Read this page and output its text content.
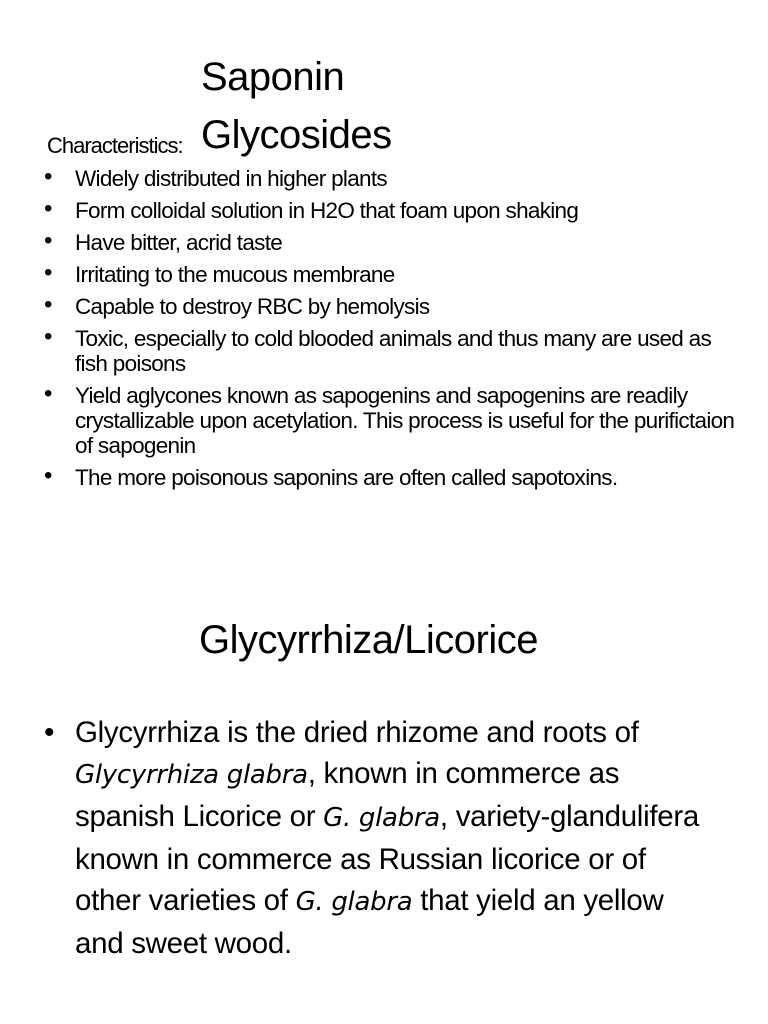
Saponin Glycosides
Characteristics:
• Widely distributed in higher plants
• Form colloidal solution in H2O that foam upon shaking
• Have bitter, acrid taste
• Irritating to the mucous membrane
• Capable to destroy RBC by hemolysis
• Toxic, especially to cold blooded animals and thus many are used as fish poisons
• Yield aglycones known as sapogenins and sapogenins are readily crystallizable upon acetylation. This process is useful for the purifictaion of sapogenin
• The more poisonous saponins are often called sapotoxins.
Glycyrrhiza/Licorice
• Glycyrrhiza is the dried rhizome and roots of Glycyrrhiza glabra, known in commerce as spanish Licorice or G. glabra, variety-glandulifera known in commerce as Russian licorice or of other varieties of G. glabra that yield an yellow and sweet wood.
